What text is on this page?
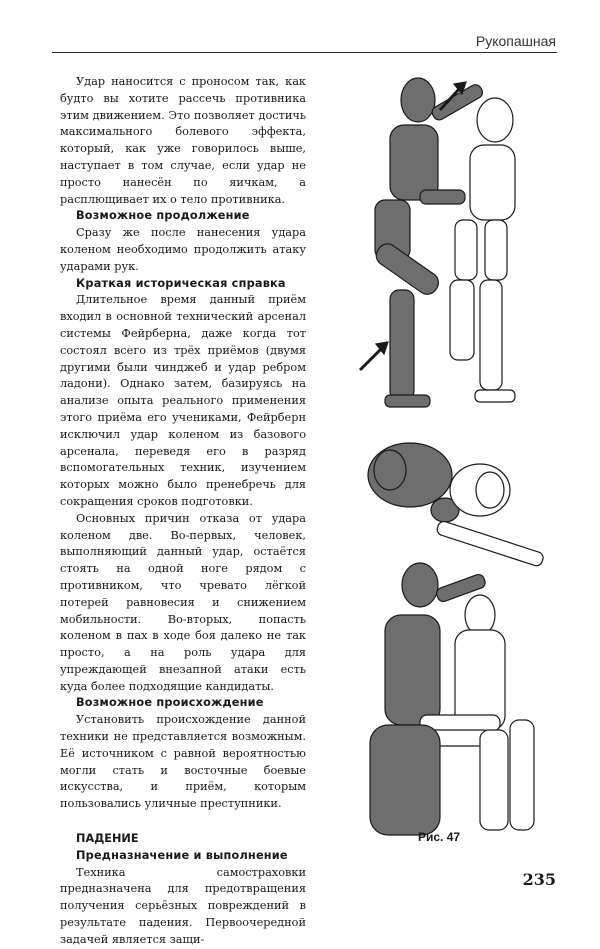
Рукопашная

Удар наносится с проносом так, как будто вы хотите рассечь противника этим движением. Это позволяет достичь максимального болевого эффекта, который, как уже говорилось выше, наступает в том случае, если удар не просто нанесён по яичкам, а расплющивает их о тело противника.

Возможное продолжение

Сразу же после нанесения удара коленом необходимо продолжить атаку ударами рук.

Краткая историческая справка

Длительное время данный приём входил в основной технический арсенал системы Фейрберна, даже когда тот состоял всего из трёх приёмов (двумя другими были чинджеб и удар ребром ладони). Однако затем, базируясь на анализе опыта реального применения этого приёма его учениками, Фейрберн исключил удар коленом из базового арсенала, переведя его в разряд вспомогательных техник, изучением которых можно было пренебречь для сокращения сроков подготовки.

Основных причин отказа от удара коленом две. Во-первых, человек, выполняющий данный удар, остаётся стоять на одной ноге рядом с противником, что чревато лёгкой потерей равновесия и снижением мобильности. Во-вторых, попасть коленом в пах в ходе боя далеко не так просто, а на роль удара для упреждающей внезапной атаки есть куда более подходящие кандидаты.

Возможное происхождение

Установить происхождение данной техники не представляется возможным. Её источником с равной вероятностью могли стать и восточные боевые искусства, и приём, которым пользовались уличные преступники.

ПАДЕНИЕ
Предназначение и выполнение

Техника самостраховки предназначена для предотвращения получения серьёзных повреждений в результате падения. Первоочередной задачей является защи-

Рис. 47
235
